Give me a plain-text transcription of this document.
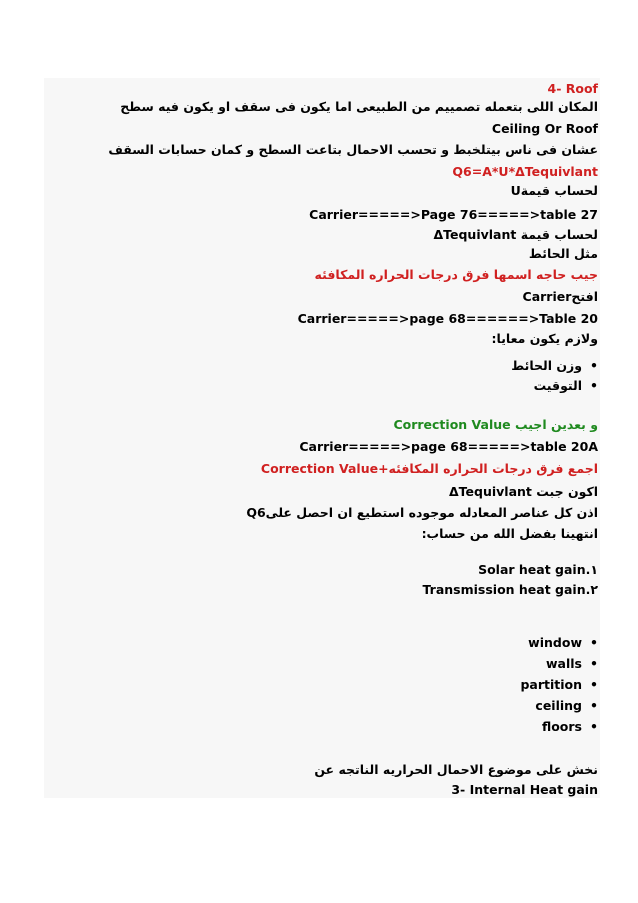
4- Roof
المكان اللى بتعمله تصمييم من الطبيعى اما يكون فى سقف او يكون فيه سطح
Ceiling Or Roof
عشان فى ناس بيتلخبط و تحسب الاحمال بتاعت السطح و كمان حسابات السقف
Q6=A*U*ΔTequivlant
لحساب قيمةU
Carrier=====>Page 76=====>table 27
لحساب قيمة ΔTequivlant
مثل الحائط
جيب حاجه اسمها فرق درجات الحراره المكافئه
افتحCarrier
Carrier=====>page 68======>Table 20
ولازم يكون معايا:
•
وزن الحائط
•
التوقيت
و بعدين اجيب Correction Value
Carrier=====>page 68=====>table 20A
اجمع فرق درجات الحراره المكافئه+Correction Value
اكون جبت ΔTequivlant
اذن كل عناصر المعادله موجوده استطيع ان احصل علىQ6
انتهينا بفضل الله من حساب:
Solar heat gain.١
Transmission heat gain.٢
•
window
•
walls
•
partition
•
ceiling
•
floors
نخش على موضوع الاحمال الحراريه الناتجه عن
3- Internal Heat gain
